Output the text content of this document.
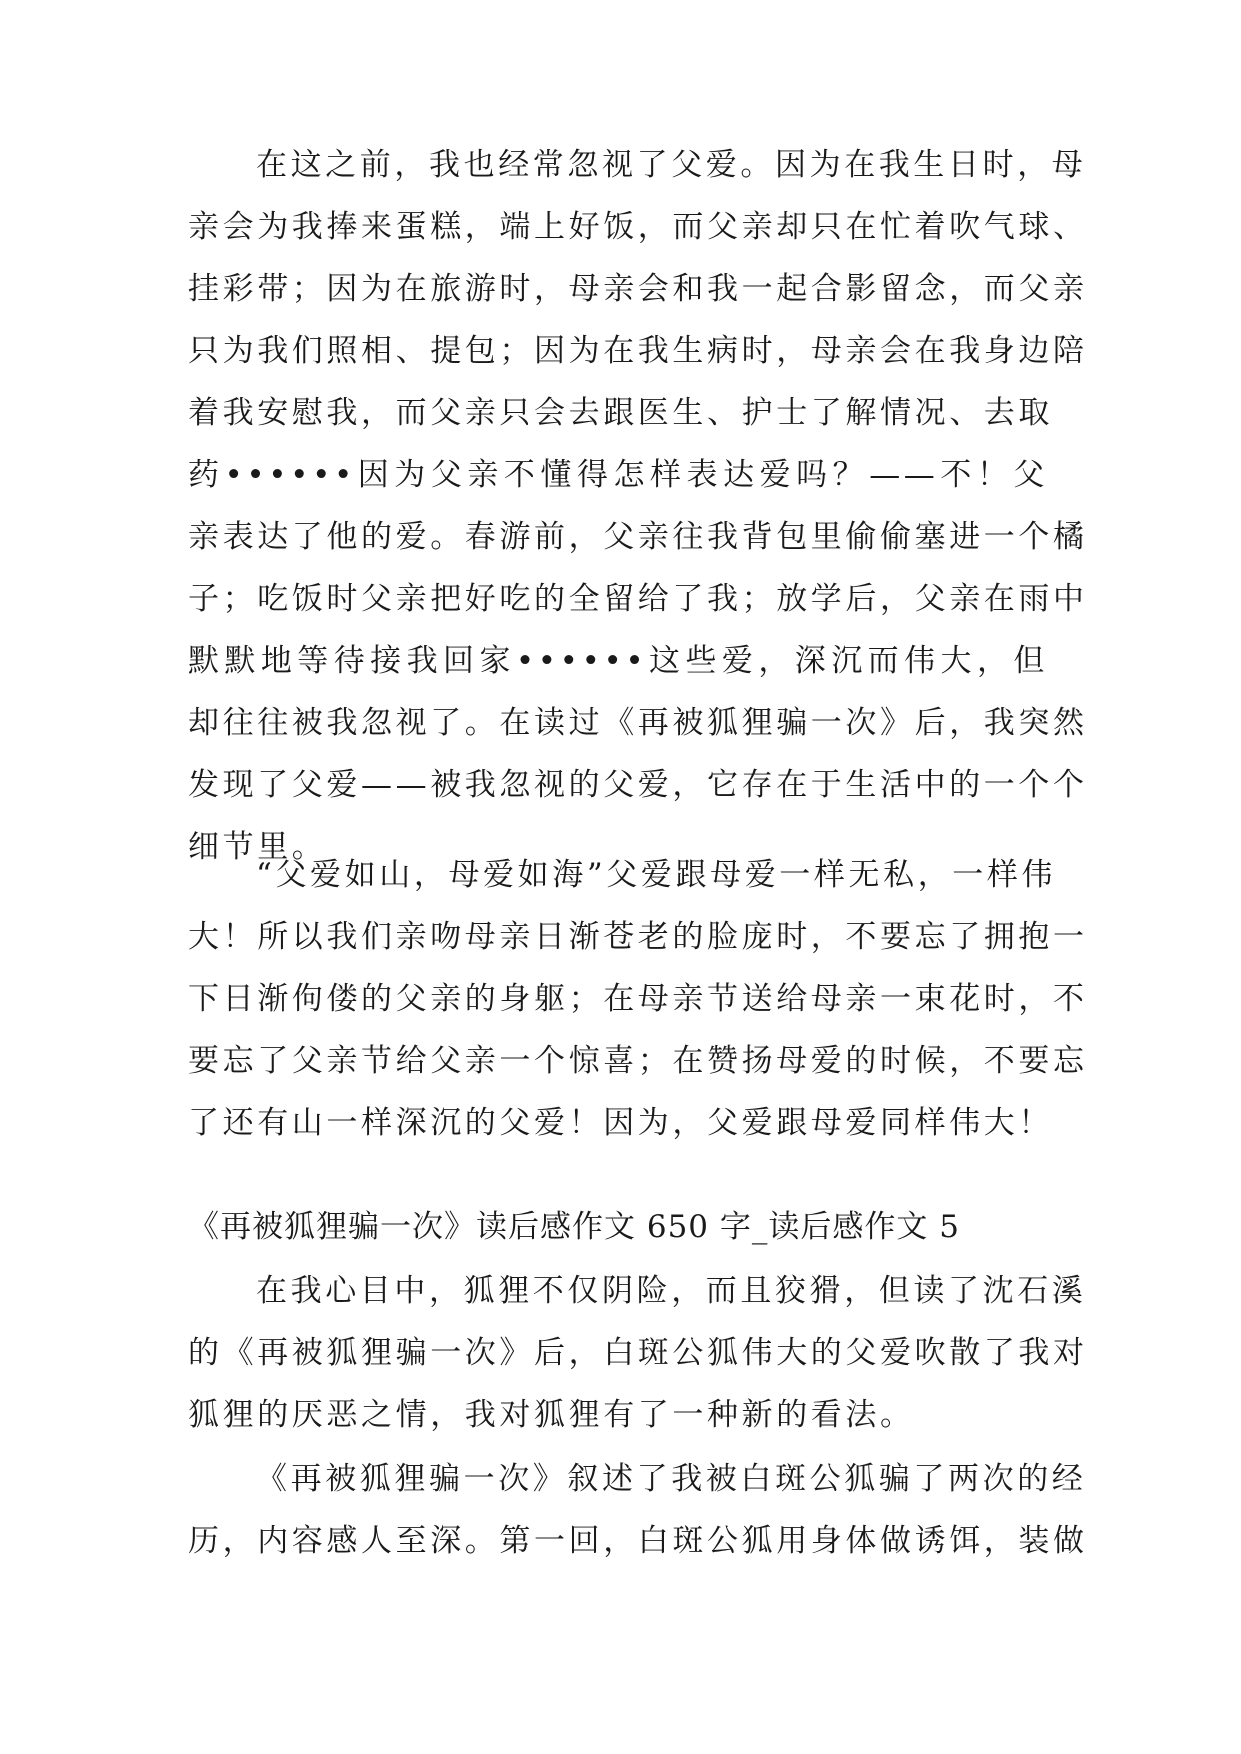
在这之前，我也经常忽视了父爱。因为在我生日时，母
亲会为我捧来蛋糕，端上好饭，而父亲却只在忙着吹气球、
挂彩带；因为在旅游时，母亲会和我一起合影留念，而父亲
只为我们照相、提包；因为在我生病时，母亲会在我身边陪
着我安慰我，而父亲只会去跟医生、护士了解情况、去取
药••••••因为父亲不懂得怎样表达爱吗？——不！父
亲表达了他的爱。春游前，父亲往我背包里偷偷塞进一个橘
子；吃饭时父亲把好吃的全留给了我；放学后，父亲在雨中
默默地等待接我回家••••••这些爱，深沉而伟大，但
却往往被我忽视了。在读过《再被狐狸骗一次》后，我突然
发现了父爱——被我忽视的父爱，它存在于生活中的一个个
细节里。
“父爱如山，母爱如海”父爱跟母爱一样无私，一样伟
大！所以我们亲吻母亲日渐苍老的脸庞时，不要忘了拥抱一
下日渐佝偻的父亲的身躯；在母亲节送给母亲一束花时，不
要忘了父亲节给父亲一个惊喜；在赞扬母爱的时候，不要忘
了还有山一样深沉的父爱！因为，父爱跟母爱同样伟大！
《再被狐狸骗一次》读后感作文 650 字_读后感作文 5
在我心目中，狐狸不仅阴险，而且狡猾，但读了沈石溪
的《再被狐狸骗一次》后，白斑公狐伟大的父爱吹散了我对
狐狸的厌恶之情，我对狐狸有了一种新的看法。
《再被狐狸骗一次》叙述了我被白斑公狐骗了两次的经
历，内容感人至深。第一回，白斑公狐用身体做诱饵，装做
